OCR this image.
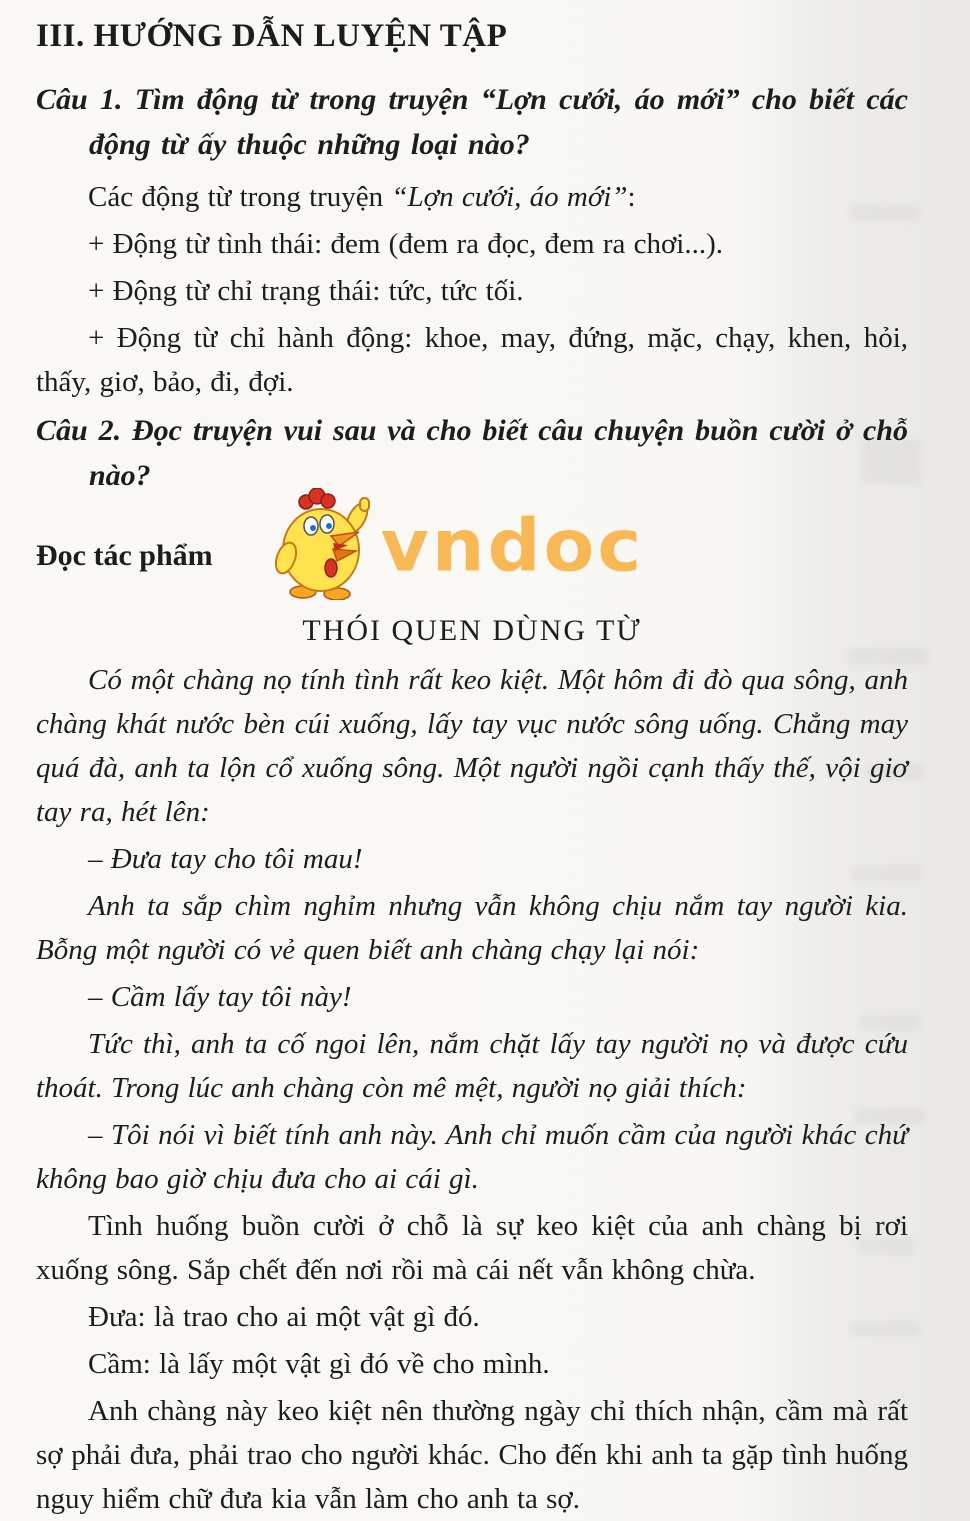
III. HƯỚNG DẪN LUYỆN TẬP
Câu 1. Tìm động từ trong truyện “Lợn cưới, áo mới” cho biết các động từ ấy thuộc những loại nào?

Các động từ trong truyện “Lợn cưới, áo mới”:

+ Động từ tình thái: đem (đem ra đọc, đem ra chơi...).

+ Động từ chỉ trạng thái: tức, tức tối.

+ Động từ chỉ hành động: khoe, may, đứng, mặc, chạy, khen, hỏi, thấy, giơ, bảo, đi, đợi.

Câu 2. Đọc truyện vui sau và cho biết câu chuyện buồn cười ở chỗ nào?
Đọc tác phẩm vndoc
THÓI QUEN DÙNG TỪ

Có một chàng nọ tính tình rất keo kiệt. Một hôm đi đò qua sông, anh chàng khát nước bèn cúi xuống, lấy tay vục nước sông uống. Chẳng may quá đà, anh ta lộn cổ xuống sông. Một người ngồi cạnh thấy thế, vội giơ tay ra, hét lên:

– Đưa tay cho tôi mau!

Anh ta sắp chìm nghỉm nhưng vẫn không chịu nắm tay người kia. Bỗng một người có vẻ quen biết anh chàng chạy lại nói:

– Cầm lấy tay tôi này!

Tức thì, anh ta cố ngoi lên, nắm chặt lấy tay người nọ và được cứu thoát. Trong lúc anh chàng còn mê mệt, người nọ giải thích:

– Tôi nói vì biết tính anh này. Anh chỉ muốn cầm của người khác chứ không bao giờ chịu đưa cho ai cái gì.

Tình huống buồn cười ở chỗ là sự keo kiệt của anh chàng bị rơi xuống sông. Sắp chết đến nơi rồi mà cái nết vẫn không chừa.

Đưa: là trao cho ai một vật gì đó.

Cầm: là lấy một vật gì đó về cho mình.

Anh chàng này keo kiệt nên thường ngày chỉ thích nhận, cầm mà rất sợ phải đưa, phải trao cho người khác. Cho đến khi anh ta gặp tình huống nguy hiểm chữ đưa kia vẫn làm cho anh ta sợ.
